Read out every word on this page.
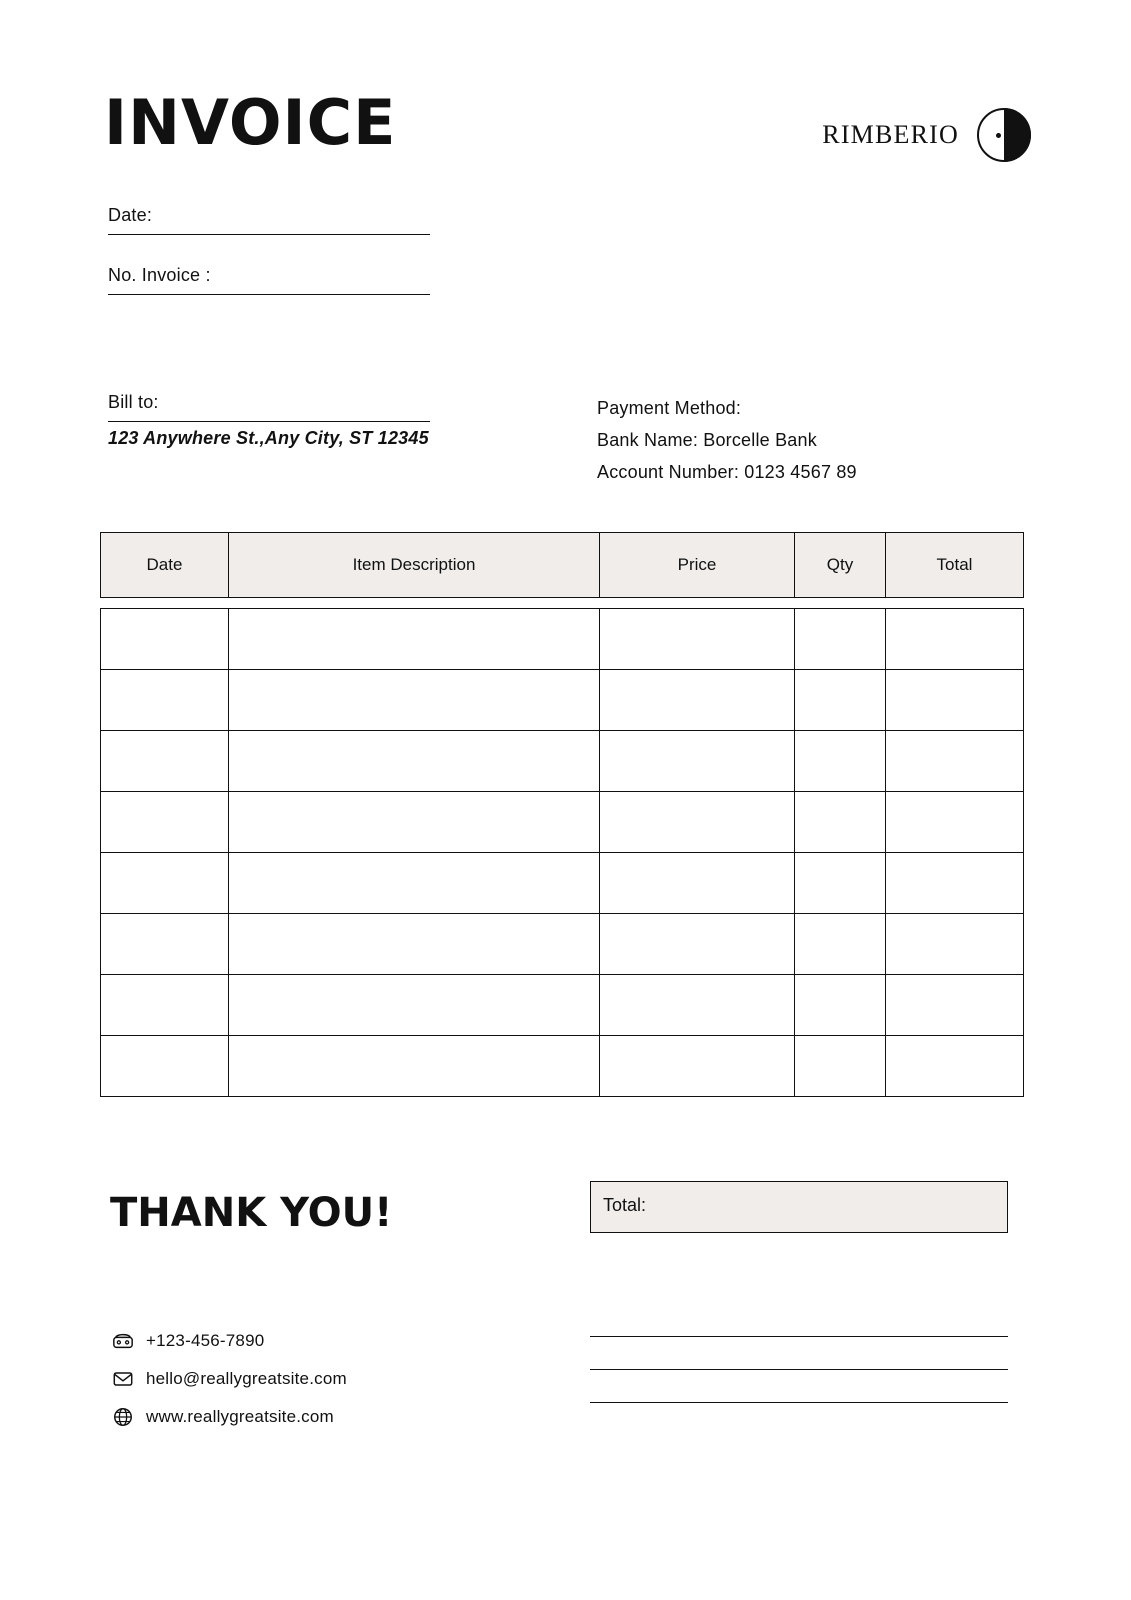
INVOICE	RIMBERIO
Date:
No. Invoice :
Bill to:
123 Anywhere St.,Any City, ST 12345
Payment Method:
Bank Name: Borcelle Bank
Account Number: 0123 4567 89
Date	Item Description	Price	Qty	Total

THANK YOU!	Total:
+123-456-7890
hello@reallygreatsite.com
www.reallygreatsite.com
